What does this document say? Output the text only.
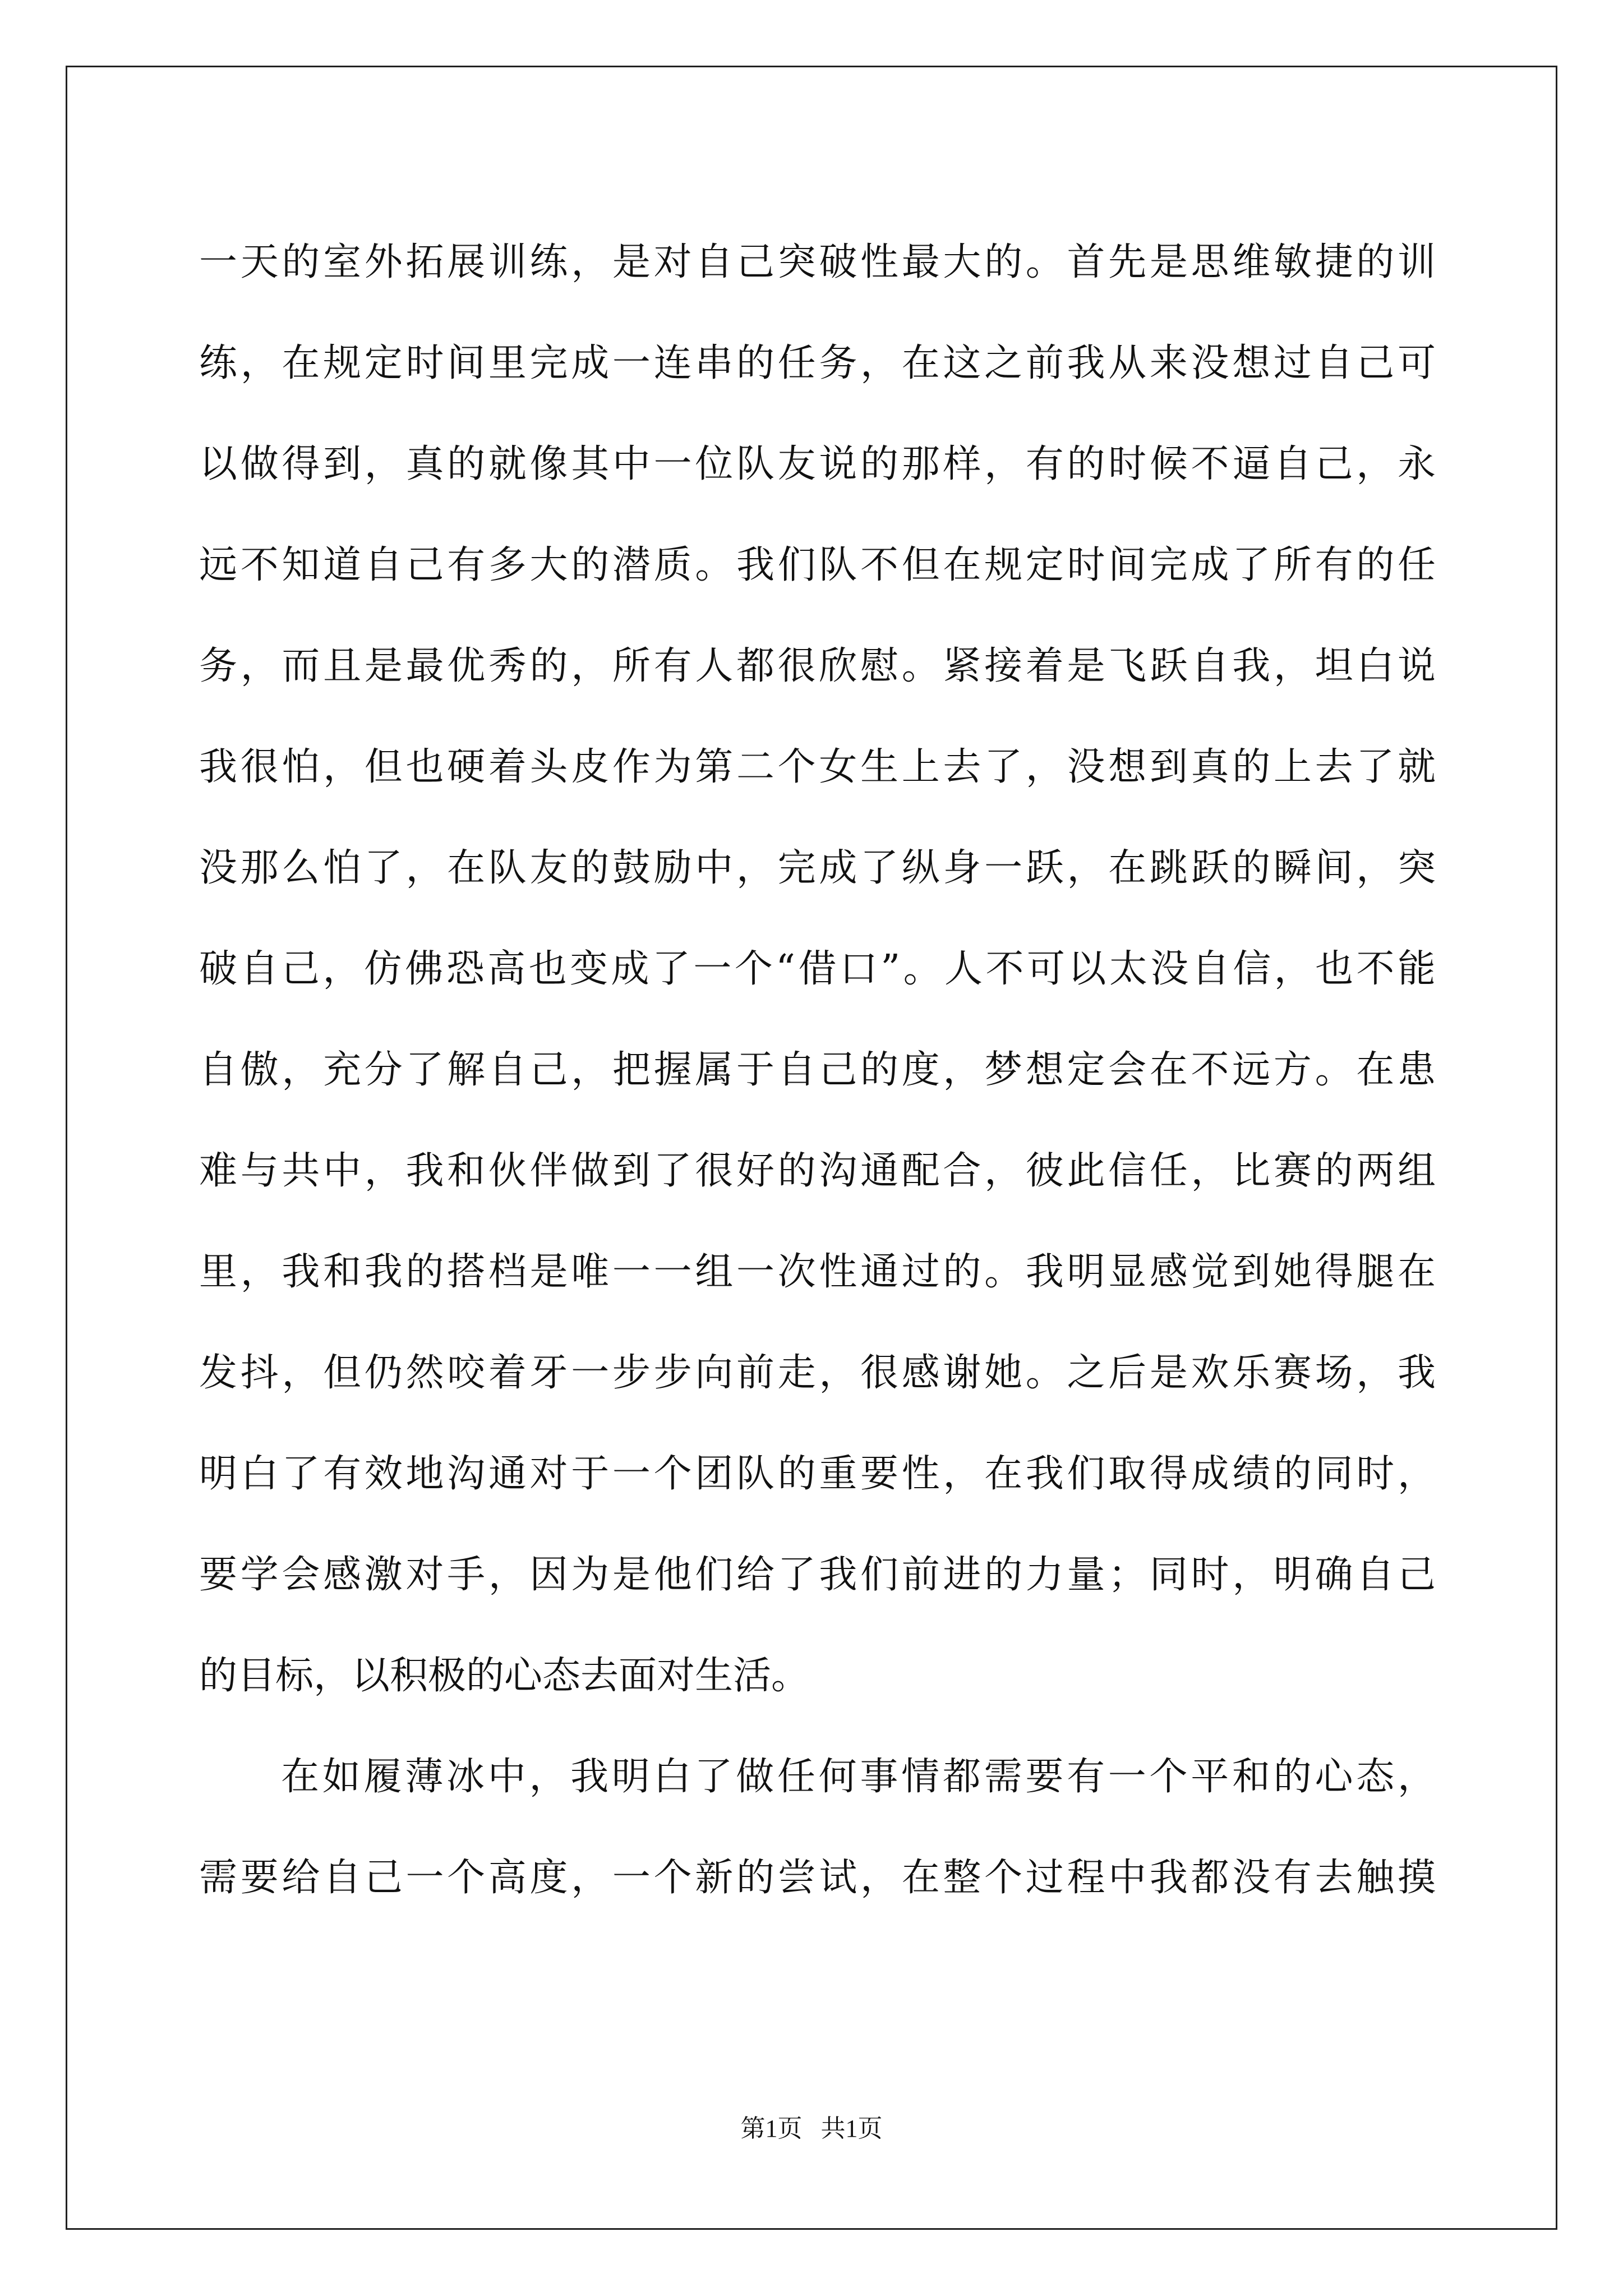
一天的室外拓展训练，是对自己突破性最大的。首先是思维敏捷的训
练，在规定时间里完成一连串的任务，在这之前我从来没想过自己可
以做得到，真的就像其中一位队友说的那样，有的时候不逼自己，永
远不知道自己有多大的潜质。我们队不但在规定时间完成了所有的任
务，而且是最优秀的，所有人都很欣慰。紧接着是飞跃自我，坦白说
我很怕，但也硬着头皮作为第二个女生上去了，没想到真的上去了就
没那么怕了，在队友的鼓励中，完成了纵身一跃，在跳跃的瞬间，突
破自己，仿佛恐高也变成了一个“借口”。人不可以太没自信，也不能
自傲，充分了解自己，把握属于自己的度，梦想定会在不远方。在患
难与共中，我和伙伴做到了很好的沟通配合，彼此信任，比赛的两组
里，我和我的搭档是唯一一组一次性通过的。我明显感觉到她得腿在
发抖，但仍然咬着牙一步步向前走，很感谢她。之后是欢乐赛场，我
明白了有效地沟通对于一个团队的重要性，在我们取得成绩的同时，
要学会感激对手，因为是他们给了我们前进的力量；同时，明确自己
的目标，以积极的心态去面对生活。
在如履薄冰中，我明白了做任何事情都需要有一个平和的心态，
需要给自己一个高度，一个新的尝试，在整个过程中我都没有去触摸
第1页   共1页
